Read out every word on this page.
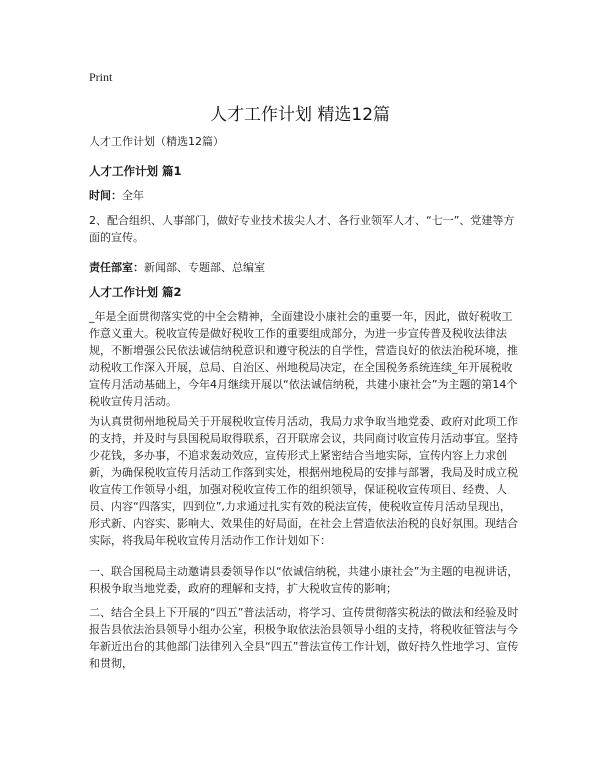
Print
人才工作计划 精选12篇

人才工作计划（精选12篇）

人才工作计划 篇1

时间：全年

2、配合组织、人事部门，做好专业技术拔尖人才、各行业领军人才、“七一”、党建等方面的宣传。

责任部室：新闻部、专题部、总编室

人才工作计划 篇2

_年是全面贯彻落实党的中全会精神，全面建设小康社会的重要一年，因此，做好税收工作意义重大。税收宣传是做好税收工作的重要组成部分，为进一步宣传普及税收法律法规，不断增强公民依法诚信纳税意识和遵守税法的自学性，营造良好的依法治税环境，推动税收工作深入开展，总局、自治区、州地税局决定，在全国税务系统连续_年开展税收宣传月活动基础上，今年4月继续开展以“依法诚信纳税，共建小康社会”为主题的第14个税收宣传月活动。

为认真贯彻州地税局关于开展税收宣传月活动，我局力求争取当地党委、政府对此项工作的支持，并及时与县国税局取得联系，召开联席会议，共同商讨收宣传月活动事宜。坚持少花钱，多办事，不追求轰动效应，宣传形式上紧密结合当地实际，宣传内容上力求创新，为确保税收宣传月活动工作落到实处，根据州地税局的安排与部署，我局及时成立税收宣传工作领导小组，加强对税收宣传工作的组织领导，保证税收宣传项目、经费、人员、内容“四落实，四到位”,力求通过扎实有效的税法宣传，使税收宣传月活动呈现出，形式新、内容实、影响大、效果佳的好局面，在社会上营造依法治税的良好氛围。现结合实际，将我局年税收宣传月活动作工作计划如下：

一、联合国税局主动邀请县委领导作以“依诚信纳税，共建小康社会”为主题的电视讲话，积极争取当地党委，政府的理解和支持，扩大税收宣传的影响；

二、结合全县上下开展的“四五”普法活动，将学习、宣传贯彻落实税法的做法和经验及时报告县依法治县领导小组办公室，积极争取依法治县领导小组的支持，将税收征管法与今年新近出台的其他部门法律列入全县“四五”普法宣传工作计划，做好持久性地学习、宣传和贯彻，
